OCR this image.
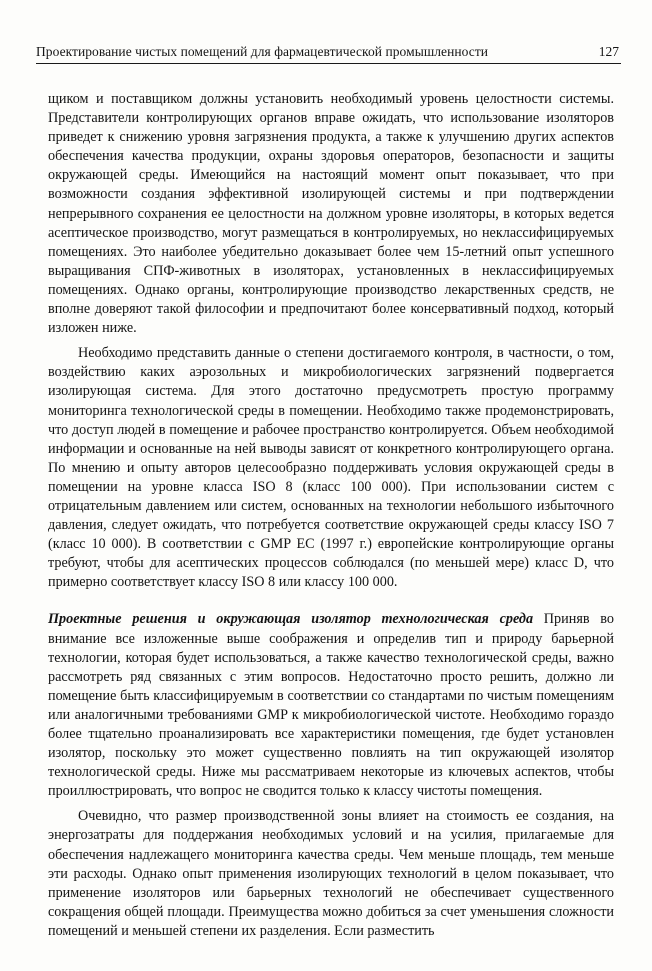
Проектирование чистых помещений для фармацевтической промышленности	127

щиком и поставщиком должны установить необходимый уровень целостности системы. Представители контролирующих органов вправе ожидать, что использование изоляторов приведет к снижению уровня загрязнения продукта, а также к улучшению других аспектов обеспечения качества продукции, охраны здоровья операторов, безопасности и защиты окружающей среды. Имеющийся на настоящий момент опыт показывает, что при возможности создания эффективной изолирующей системы и при подтверждении непрерывного сохранения ее целостности на должном уровне изоляторы, в которых ведется асептическое производство, могут размещаться в контролируемых, но неклассифицируемых помещениях. Это наиболее убедительно доказывает более чем 15-летний опыт успешного выращивания СПФ-животных в изоляторах, установленных в неклассифицируемых помещениях. Однако органы, контролирующие производство лекарственных средств, не вполне доверяют такой философии и предпочитают более консервативный подход, который изложен ниже.

Необходимо представить данные о степени достигаемого контроля, в частности, о том, воздействию каких аэрозольных и микробиологических загрязнений подвергается изолирующая система. Для этого достаточно предусмотреть простую программу мониторинга технологической среды в помещении. Необходимо также продемонстрировать, что доступ людей в помещение и рабочее пространство контролируется. Объем необходимой информации и основанные на ней выводы зависят от конкретного контролирующего органа. По мнению и опыту авторов целесообразно поддерживать условия окружающей среды в помещении на уровне класса ISO 8 (класс 100 000). При использовании систем с отрицательным давлением или систем, основанных на технологии небольшого избыточного давления, следует ожидать, что потребуется соответствие окружающей среды классу ISO 7 (класс 10 000). В соответствии с GMP ЕС (1997 г.) европейские контролирующие органы требуют, чтобы для асептических процессов соблюдался (по меньшей мере) класс D, что примерно соответствует классу ISO 8 или классу 100 000.

Проектные решения и окружающая изолятор технологическая среда Приняв во внимание все изложенные выше соображения и определив тип и природу барьерной технологии, которая будет использоваться, а также качество технологической среды, важно рассмотреть ряд связанных с этим вопросов. Недостаточно просто решить, должно ли помещение быть классифицируемым в соответствии со стандартами по чистым помещениям или аналогичными требованиями GMP к микробиологической чистоте. Необходимо гораздо более тщательно проанализировать все характеристики помещения, где будет установлен изолятор, поскольку это может существенно повлиять на тип окружающей изолятор технологической среды. Ниже мы рассматриваем некоторые из ключевых аспектов, чтобы проиллюстрировать, что вопрос не сводится только к классу чистоты помещения.

Очевидно, что размер производственной зоны влияет на стоимость ее создания, на энергозатраты для поддержания необходимых условий и на усилия, прилагаемые для обеспечения надлежащего мониторинга качества среды. Чем меньше площадь, тем меньше эти расходы. Однако опыт применения изолирующих технологий в целом показывает, что применение изоляторов или барьерных технологий не обеспечивает существенного сокращения общей площади. Преимущества можно добиться за счет уменьшения сложности помещений и меньшей степени их разделения. Если разместить
